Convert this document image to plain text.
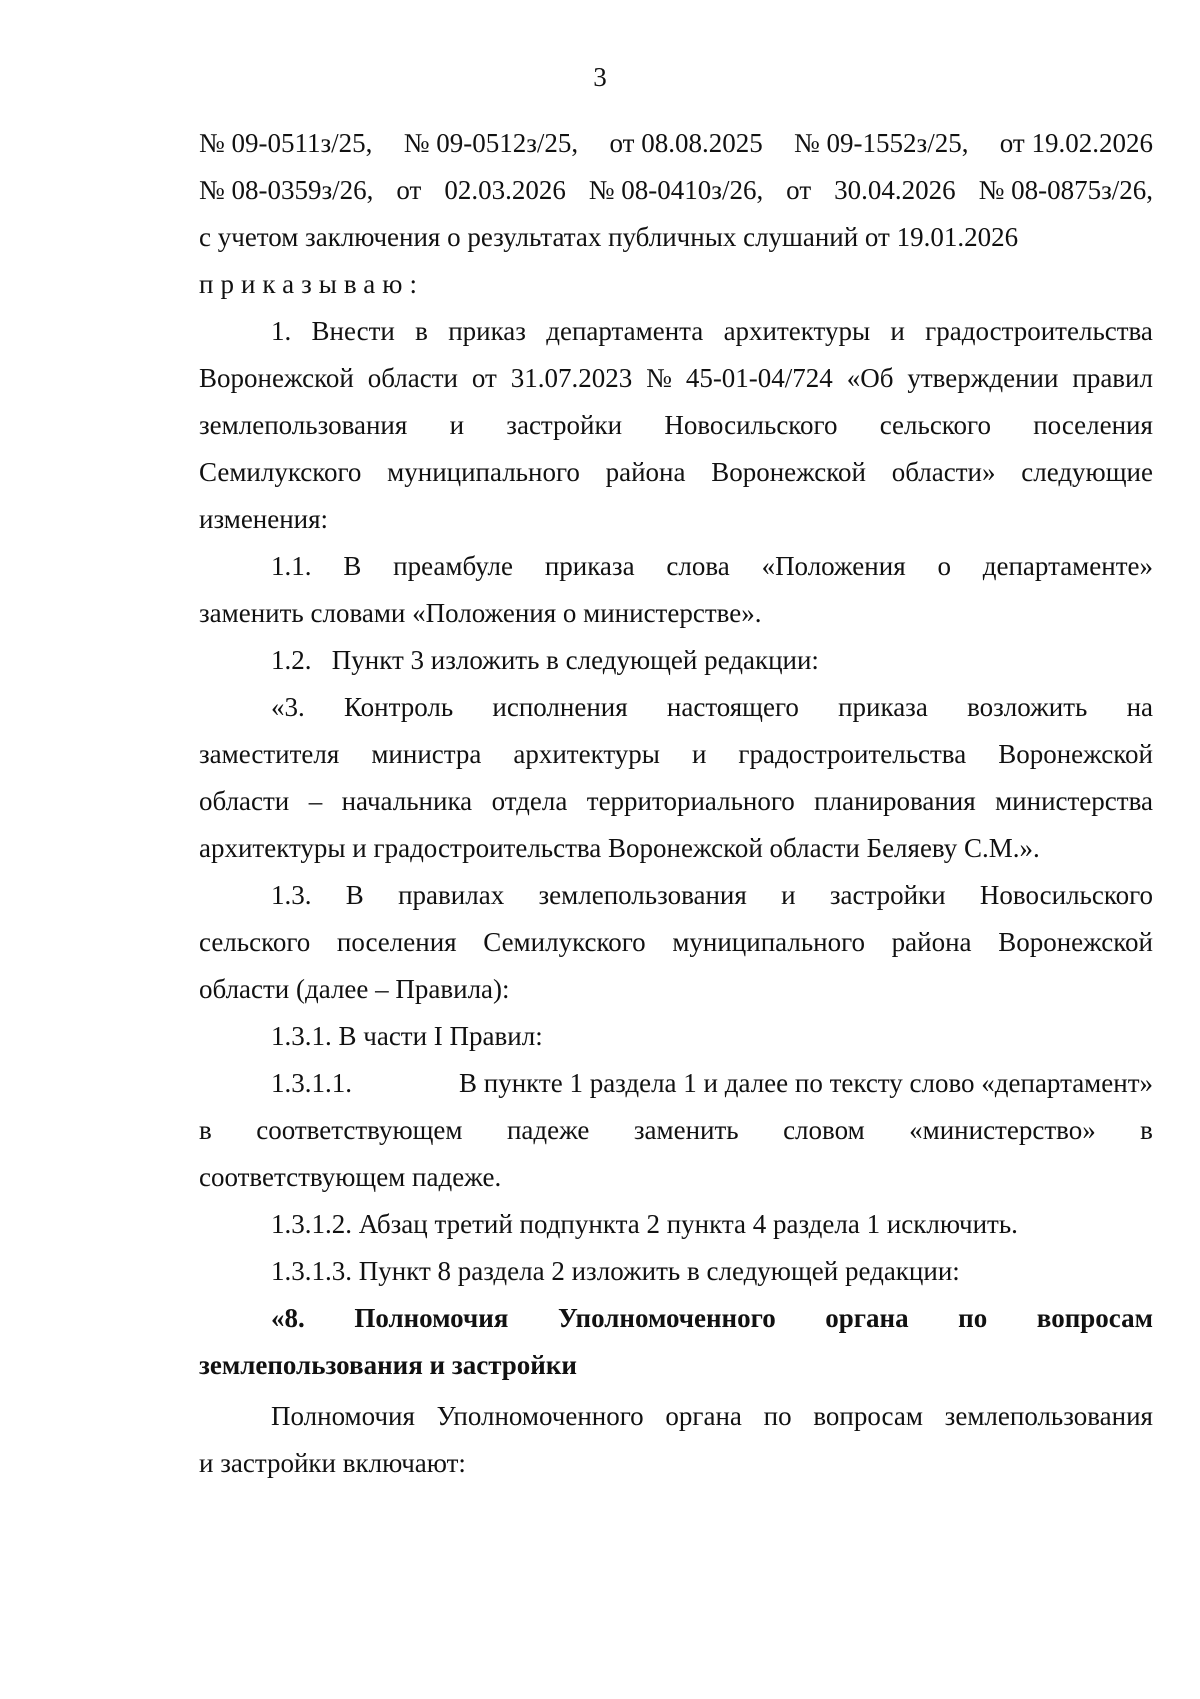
3
№ 09-0511з/25, № 09-0512з/25, от 08.08.2025 № 09-1552з/25, от 19.02.2026
№ 08-0359з/26, от 02.03.2026 № 08-0410з/26, от 30.04.2026 № 08-0875з/26,
с учетом заключения о результатах публичных слушаний от 19.01.2026
приказываю:
1. Внести в приказ департамента архитектуры и градостроительства
Воронежской области от 31.07.2023 № 45-01-04/724 «Об утверждении правил
землепользования и застройки Новосильского сельского поселения
Семилукского муниципального района Воронежской области» следующие
изменения:
1.1. В преамбуле приказа слова «Положения о департаменте»
заменить словами «Положения о министерстве».
1.2.   Пункт 3 изложить в следующей редакции:
«3. Контроль исполнения настоящего приказа возложить на
заместителя министра архитектуры и градостроительства Воронежской
области – начальника отдела территориального планирования министерства
архитектуры и градостроительства Воронежской области Беляеву С.М.».
1.3. В правилах землепользования и застройки Новосильского
сельского поселения Семилукского муниципального района Воронежской
области (далее – Правила):
1.3.1. В части I Правил:
1.3.1.1.	В пункте 1 раздела 1 и далее по тексту слово «департамент»
в соответствующем падеже заменить словом «министерство» в
соответствующем падеже.
1.3.1.2. Абзац третий подпункта 2 пункта 4 раздела 1 исключить.
1.3.1.3. Пункт 8 раздела 2 изложить в следующей редакции:
«8. Полномочия Уполномоченного органа по вопросам
землепользования и застройки
Полномочия Уполномоченного органа по вопросам землепользования
и застройки включают:
